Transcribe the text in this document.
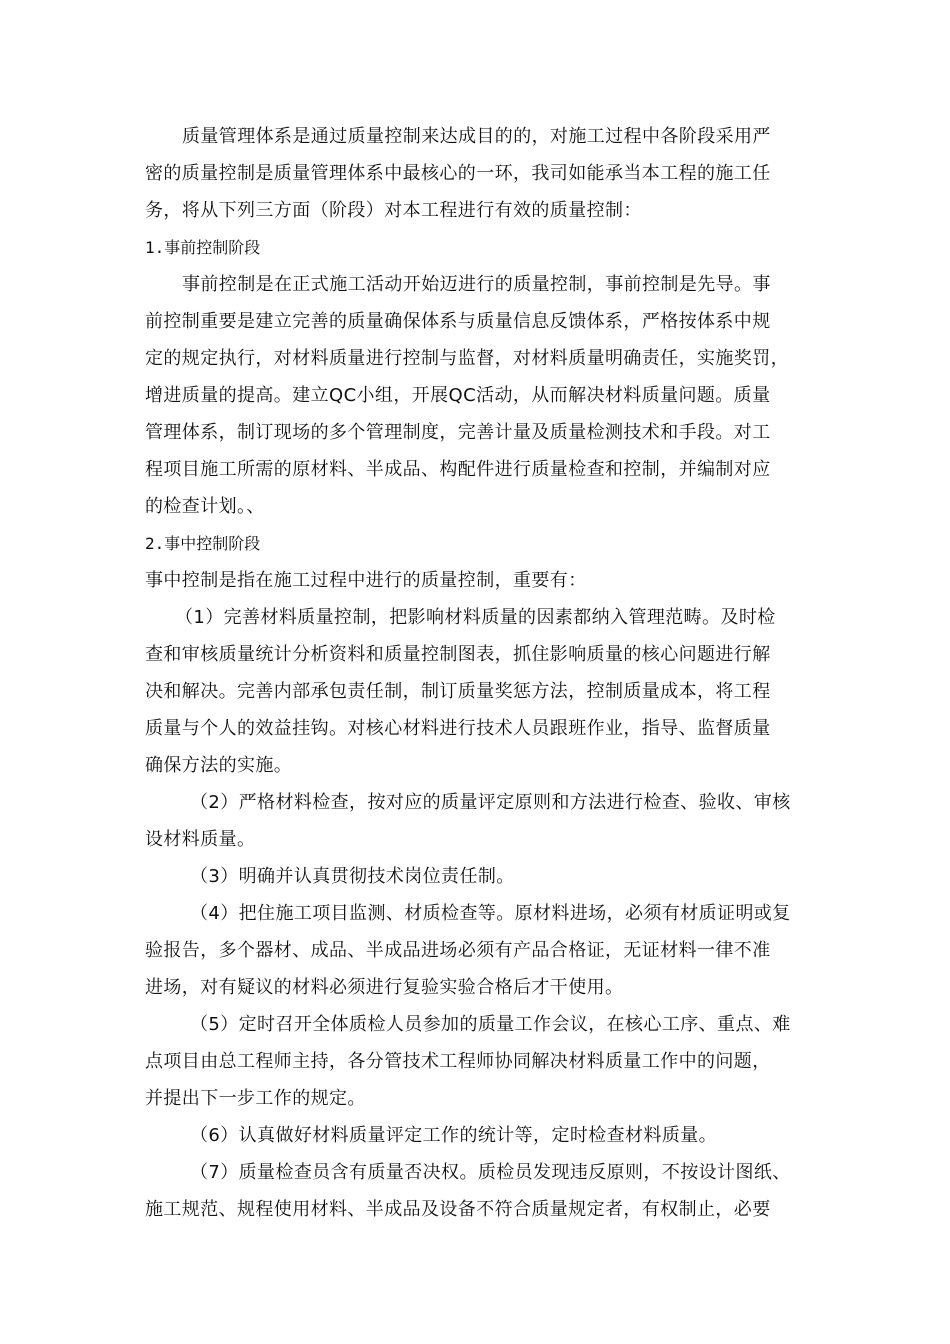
质量管理体系是通过质量控制来达成目的的，对施工过程中各阶段采用严
密的质量控制是质量管理体系中最核心的一环，我司如能承当本工程的施工任
务，将从下列三方面（阶段）对本工程进行有效的质量控制：
1.事前控制阶段
事前控制是在正式施工活动开始迈进行的质量控制，事前控制是先导。事
前控制重要是建立完善的质量确保体系与质量信息反馈体系，严格按体系中规
定的规定执行，对材料质量进行控制与监督，对材料质量明确责任，实施奖罚，
增进质量的提高。建立QC小组，开展QC活动，从而解决材料质量问题。质量
管理体系，制订现场的多个管理制度，完善计量及质量检测技术和手段。对工
程项目施工所需的原材料、半成品、构配件进行质量检查和控制，并编制对应
的检查计划。、
2.事中控制阶段
事中控制是指在施工过程中进行的质量控制，重要有：
（1）完善材料质量控制，把影响材料质量的因素都纳入管理范畴。及时检
查和审核质量统计分析资料和质量控制图表，抓住影响质量的核心问题进行解
决和解决。完善内部承包责任制，制订质量奖惩方法，控制质量成本，将工程
质量与个人的效益挂钩。对核心材料进行技术人员跟班作业，指导、监督质量
确保方法的实施。
（2）严格材料检查，按对应的质量评定原则和方法进行检查、验收、审核
设材料质量。
（3）明确并认真贯彻技术岗位责任制。
（4）把住施工项目监测、材质检查等。原材料进场，必须有材质证明或复
验报告，多个器材、成品、半成品进场必须有产品合格证，无证材料一律不准
进场，对有疑议的材料必须进行复验实验合格后才干使用。
（5）定时召开全体质检人员参加的质量工作会议，在核心工序、重点、难
点项目由总工程师主持，各分管技术工程师协同解决材料质量工作中的问题，
并提出下一步工作的规定。
（6）认真做好材料质量评定工作的统计等，定时检查材料质量。
（7）质量检查员含有质量否决权。质检员发现违反原则，不按设计图纸、
施工规范、规程使用材料、半成品及设备不符合质量规定者，有权制止，必要
